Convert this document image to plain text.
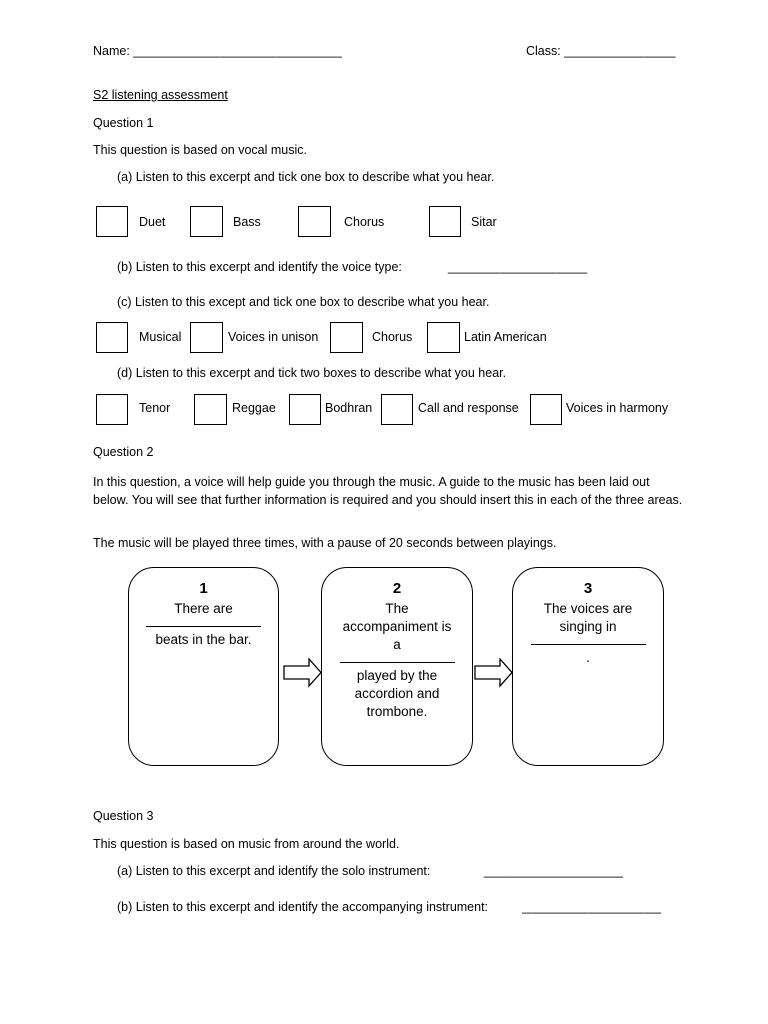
Name: ______________________________	Class: ________________
S2 listening assessment
Question 1
This question is based on vocal music.
(a) Listen to this excerpt and tick one box to describe what you hear.
Duet	Bass	Chorus	Sitar
(b) Listen to this excerpt and identify the voice type:	____________________
(c) Listen to this except and tick one box to describe what you hear.
Musical	Voices in unison	Chorus	Latin American
(d) Listen to this excerpt and tick two boxes to describe what you hear.
Tenor	Reggae	Bodhran	Call and response	Voices in harmony
Question 2
In this question, a voice will help guide you through the music. A guide to the music has been laid out below. You will see that further information is required and you should insert this in each of the three areas.
The music will be played three times, with a pause of 20 seconds between playings.
1
There are
beats in the bar.
2
The accompaniment is a
played by the accordion and trombone.
3
The voices are singing in
.
Question 3
This question is based on music from around the world.
(a) Listen to this excerpt and identify the solo instrument:	____________________
(b) Listen to this excerpt and identify the accompanying instrument:	____________________
